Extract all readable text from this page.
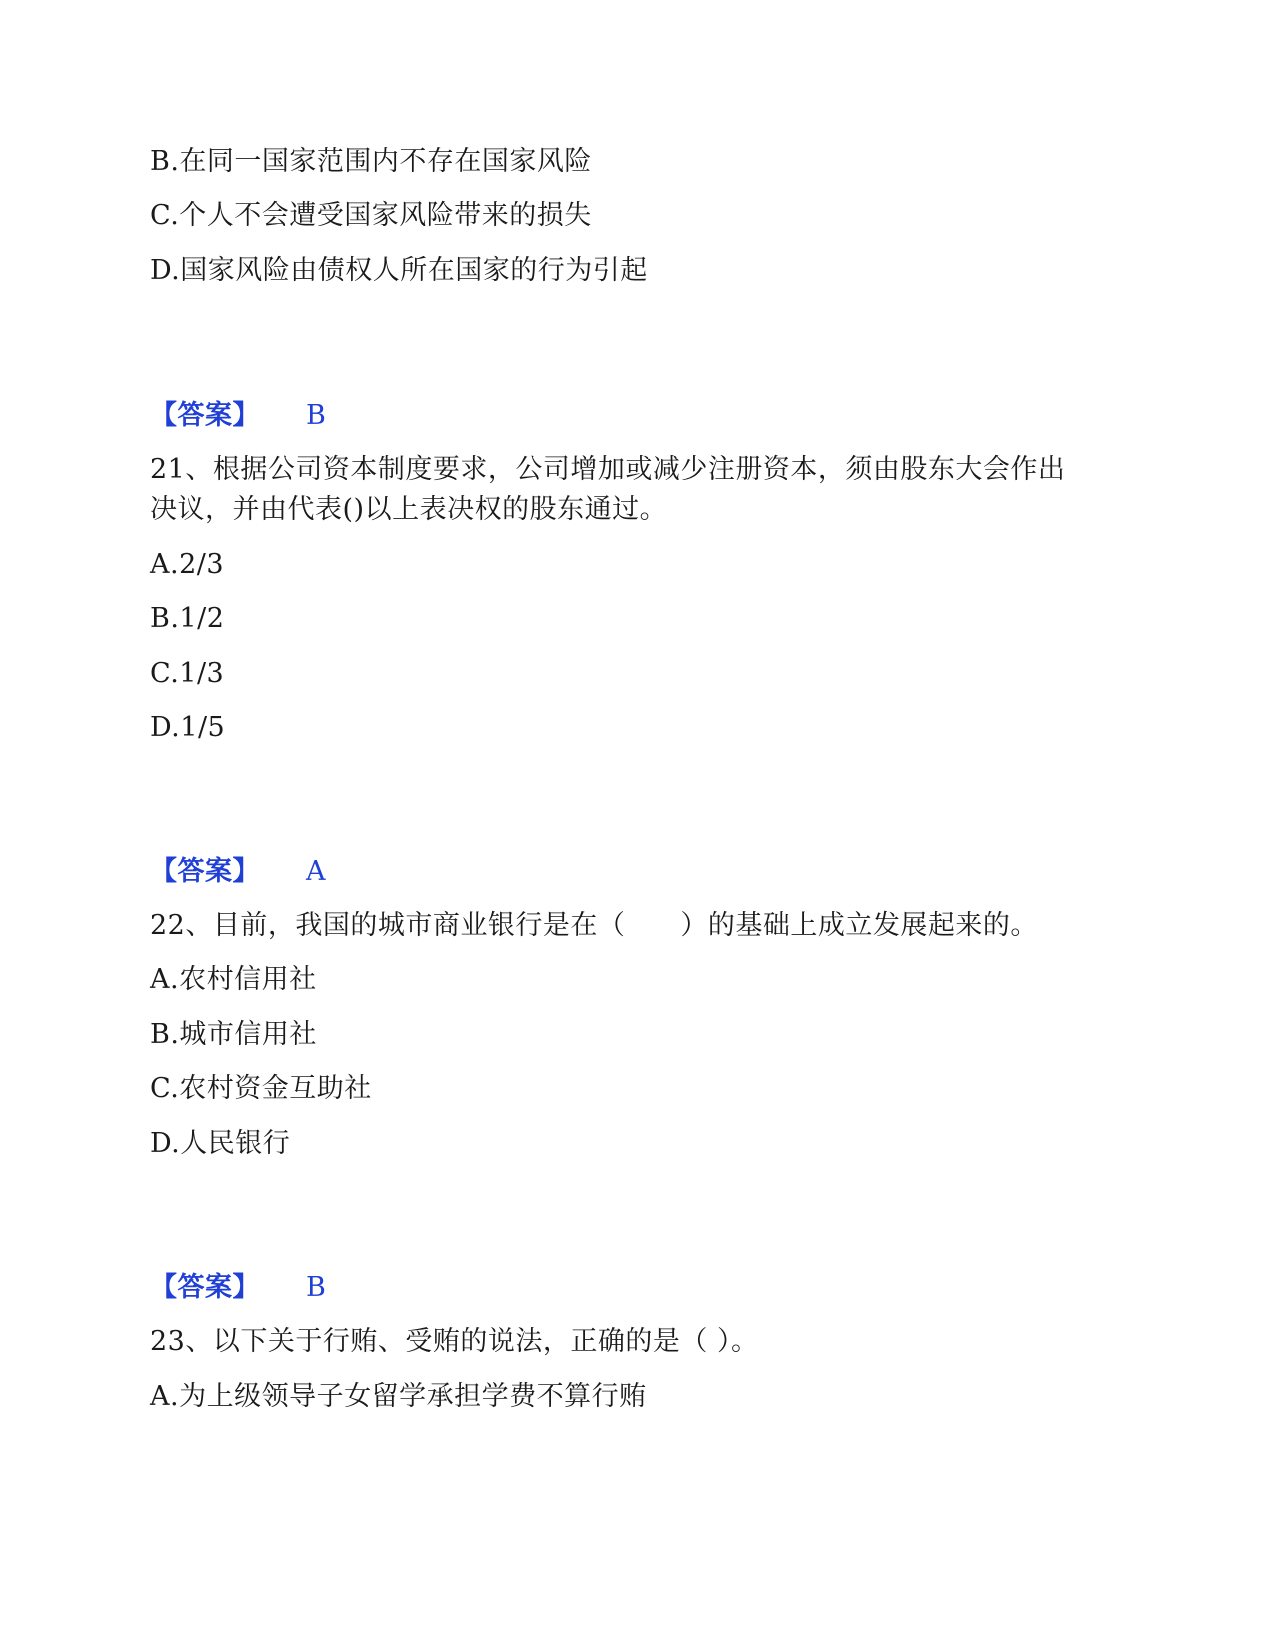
B.在同一国家范围内不存在国家风险

C.个人不会遭受国家风险带来的损失

D.国家风险由债权人所在国家的行为引起

【答案】 B

21、根据公司资本制度要求，公司增加或减少注册资本，须由股东大会作出

决议，并由代表()以上表决权的股东通过。

A.2/3

B.1/2

C.1/3

D.1/5

【答案】 A

22、目前，我国的城市商业银行是在（　　）的基础上成立发展起来的。

A.农村信用社

B.城市信用社

C.农村资金互助社

D.人民银行

【答案】 B

23、以下关于行贿、受贿的说法，正确的是（ ）。

A.为上级领导子女留学承担学费不算行贿
